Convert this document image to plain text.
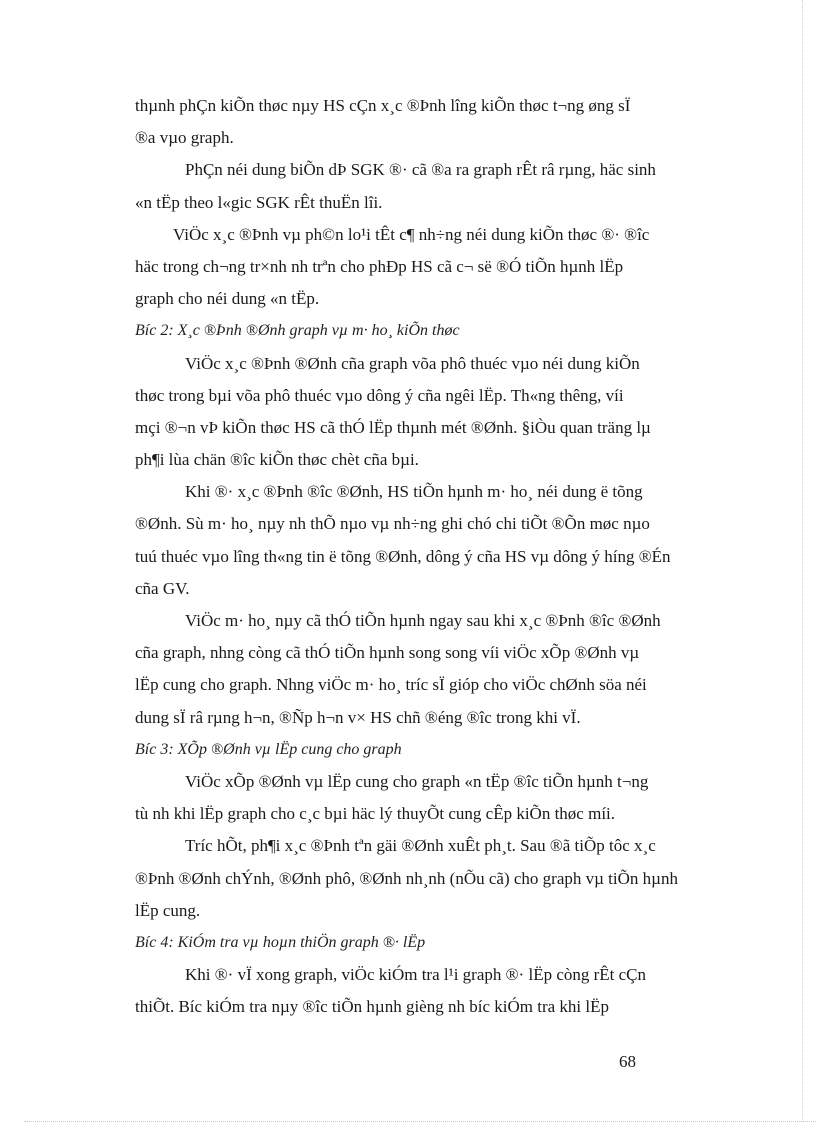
thµnh phÇn kiÕn thøc nµy HS cÇn x¸c ®Þnh lîng kiÕn thøc t¬ng øng sÏ
®a vµo graph.
PhÇn néi dung biÕn dÞ SGK ®· cã ®a ra graph rÊt râ rµng, häc sinh
«n tËp theo l«gic SGK rÊt thuËn lîi.
ViÖc x¸c ®Þnh vµ ph©n lo¹i tÊt c¶ nh÷ng néi dung kiÕn thøc ®· ®îc
häc trong ch¬ng tr×nh nh trªn cho phÐp HS cã c¬ së ®Ó tiÕn hµnh lËp
graph cho néi dung «n tËp.
Bíc 2: X¸c ®Þnh ®Ønh graph vµ m· ho¸ kiÕn thøc
ViÖc x¸c ®Þnh ®Ønh cña graph võa phô thuéc vµo néi dung kiÕn
thøc trong bµi võa phô thuéc vµo dông ý cña ngêi lËp. Th«ng thêng, víi
mçi ®¬n vÞ kiÕn thøc HS cã thÓ lËp thµnh mét ®Ønh. §iÒu quan träng lµ
ph¶i lùa chän ®îc kiÕn thøc chèt cña bµi.
Khi ®· x¸c ®Þnh ®îc ®Ønh, HS tiÕn hµnh m· ho¸ néi dung ë tõng
®Ønh. Sù m· ho¸ nµy nh thÕ nµo vµ nh÷ng ghi chó chi tiÕt ®Õn møc nµo
tuú thuéc vµo lîng th«ng tin ë tõng ®Ønh, dông ý cña HS vµ dông ý híng ®Én
cña GV.
ViÖc m· ho¸ nµy cã thÓ tiÕn hµnh ngay sau khi x¸c ®Þnh ®îc ®Ønh
cña graph, nhng còng cã thÓ tiÕn hµnh song song víi viÖc xÕp ®Ønh vµ
lËp cung cho graph. Nhng viÖc m· ho¸ tríc sÏ gióp cho viÖc chØnh söa néi
dung sÏ râ rµng h¬n, ®Ñp h¬n v× HS chñ ®éng ®îc trong khi vÏ.
Bíc 3: XÕp ®Ønh vµ lËp cung cho graph
ViÖc xÕp ®Ønh vµ lËp cung cho graph «n tËp ®îc tiÕn hµnh t¬ng
tù nh khi lËp graph cho c¸c bµi häc lý thuyÕt cung cÊp kiÕn thøc míi.
Tríc hÕt, ph¶i x¸c ®Þnh tªn gäi ®Ønh xuÊt ph¸t. Sau ®ã tiÕp tôc x¸c
®Þnh ®Ønh chÝnh, ®Ønh phô, ®Ønh nh¸nh (nÕu cã) cho graph vµ tiÕn hµnh
lËp cung.
Bíc 4: KiÓm tra vµ hoµn thiÖn graph ®· lËp
Khi ®· vÏ xong graph, viÖc kiÓm tra l¹i graph ®· lËp còng rÊt cÇn
thiÕt. Bíc kiÓm tra nµy ®îc tiÕn hµnh gièng nh bíc kiÓm tra khi lËp
68
